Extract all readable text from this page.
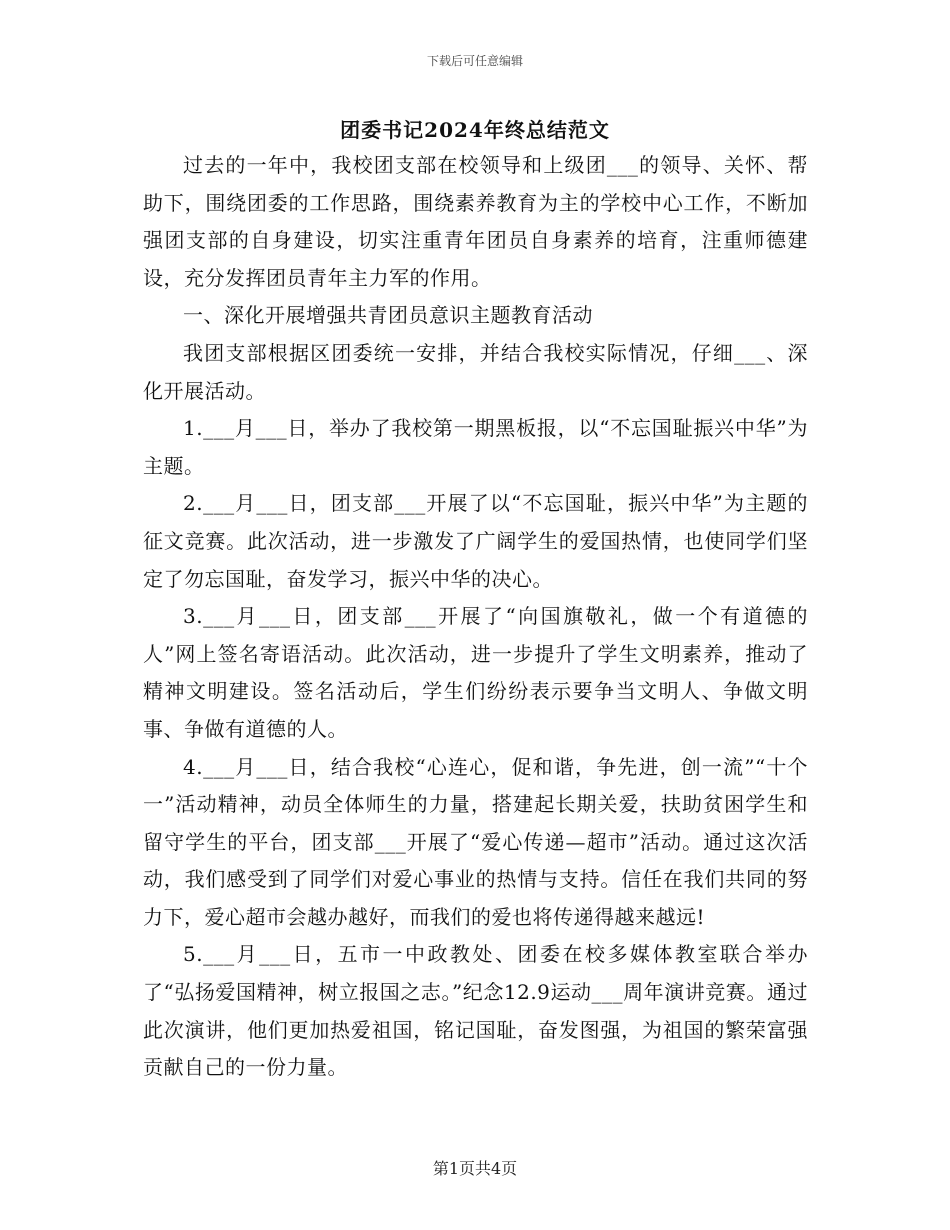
下载后可任意编辑
团委书记2024年终总结范文

过去的一年中，我校团支部在校领导和上级团___的领导、关怀、帮助下，围绕团委的工作思路，围绕素养教育为主的学校中心工作，不断加强团支部的自身建设，切实注重青年团员自身素养的培育，注重师德建设，充分发挥团员青年主力军的作用。

一、深化开展增强共青团员意识主题教育活动

我团支部根据区团委统一安排，并结合我校实际情况，仔细___、深化开展活动。

1.___月___日，举办了我校第一期黑板报，以“不忘国耻振兴中华”为主题。

2.___月___日，团支部___开展了以“不忘国耻，振兴中华”为主题的征文竞赛。此次活动，进一步激发了广阔学生的爱国热情，也使同学们坚定了勿忘国耻，奋发学习，振兴中华的决心。

3.___月___日，团支部___开展了“向国旗敬礼，做一个有道德的人”网上签名寄语活动。此次活动，进一步提升了学生文明素养，推动了精神文明建设。签名活动后，学生们纷纷表示要争当文明人、争做文明事、争做有道德的人。

4.___月___日，结合我校“心连心，促和谐，争先进，创一流”“十个一”活动精神，动员全体师生的力量，搭建起长期关爱，扶助贫困学生和留守学生的平台，团支部___开展了“爱心传递—超市”活动。通过这次活动，我们感受到了同学们对爱心事业的热情与支持。信任在我们共同的努力下，爱心超市会越办越好，而我们的爱也将传递得越来越远!

5.___月___日，五市一中政教处、团委在校多媒体教室联合举办了“弘扬爱国精神，树立报国之志。”纪念12.9运动___周年演讲竞赛。通过此次演讲，他们更加热爱祖国，铭记国耻，奋发图强，为祖国的繁荣富强贡献自己的一份力量。

第1页共4页
